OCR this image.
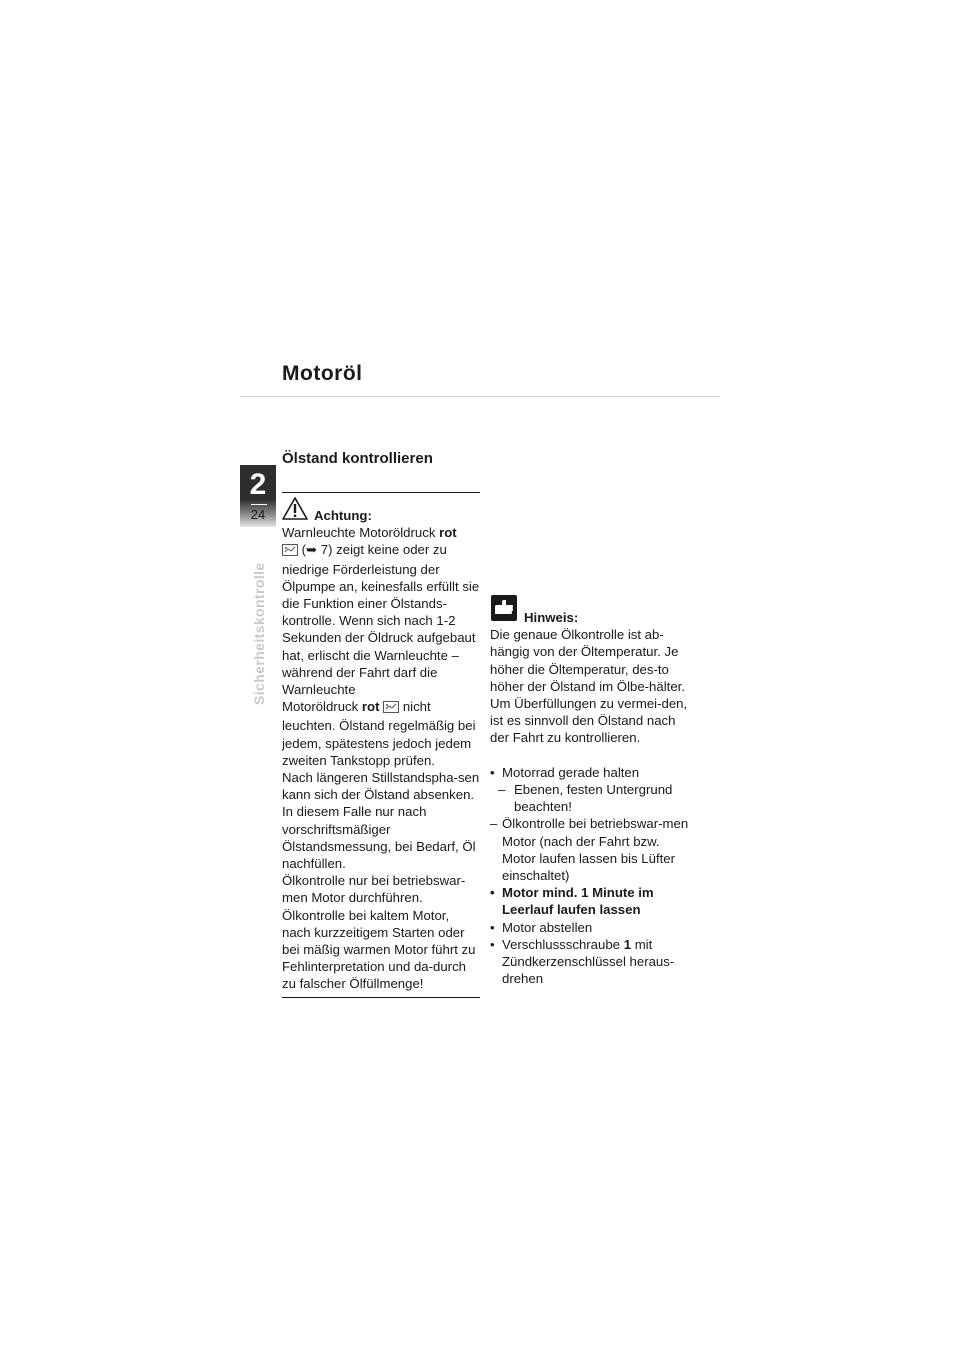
Motoröl
2
24
Sicherheitskontrolle
Ölstand kontrollieren
Achtung:

Warnleuchte Motoröldruck rot

(➥ 7) zeigt keine oder zu

niedrige Förderleistung der Ölpumpe an, keinesfalls erfüllt sie die Funktion einer Ölstands-kontrolle. Wenn sich nach 1-2 Sekunden der Öldruck aufgebaut hat, erlischt die Warnleuchte – während der Fahrt darf die Warnleuchte

Motoröldruck rot  nicht

leuchten. Ölstand regelmäßig bei jedem, spätestens jedoch jedem zweiten Tankstopp prüfen.

Nach längeren Stillstandspha-sen kann sich der Ölstand absenken. In diesem Falle nur nach vorschriftsmäßiger Ölstandsmessung, bei Bedarf, Öl nachfüllen.

Ölkontrolle nur bei betriebswar-men Motor durchführen.

Ölkontrolle bei kaltem Motor, nach kurzzeitigem Starten oder bei mäßig warmen Motor führt zu Fehlinterpretation und da-durch zu falscher Ölfüllmenge!

Hinweis:

Die genaue Ölkontrolle ist ab-hängig von der Öltemperatur. Je höher die Öltemperatur, des-to höher der Ölstand im Ölbe-hälter.

Um Überfüllungen zu vermei-den, ist es sinnvoll den Ölstand nach der Fahrt zu kontrollieren.

• Motorrad gerade halten
– Ebenen, festen Untergrund beachten!
– Ölkontrolle bei betriebswar-men Motor (nach der Fahrt bzw. Motor laufen lassen bis Lüfter einschaltet)
• Motor mind. 1 Minute im Leerlauf laufen lassen
• Motor abstellen
• Verschlussschraube 1 mit Zündkerzenschlüssel heraus-drehen
